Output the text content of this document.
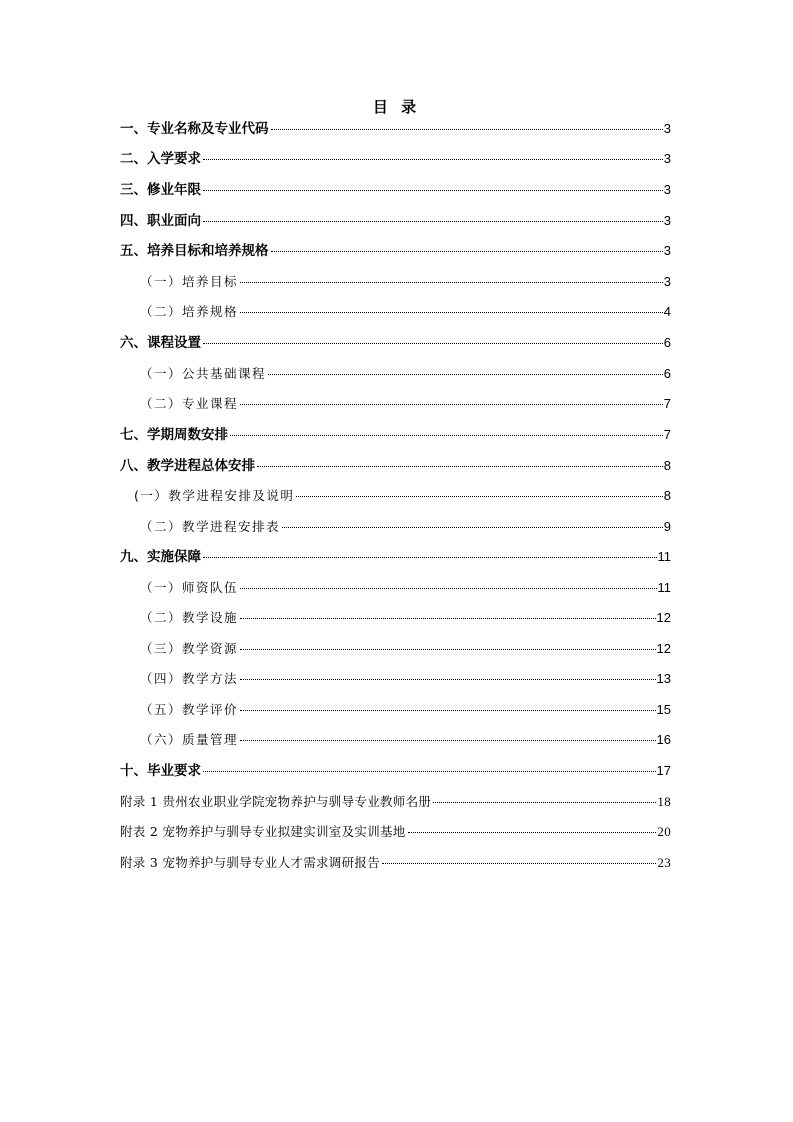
目 录
一、专业名称及专业代码	3
二、入学要求	3
三、修业年限	3
四、职业面向	3
五、培养目标和培养规格	3
（一）培养目标	3
（二）培养规格	4
六、课程设置	6
（一）公共基础课程	6
（二）专业课程	7
七、学期周数安排	7
八、教学进程总体安排	8
(一）教学进程安排及说明	8
（二）教学进程安排表	9
九、实施保障	11
（一）师资队伍	11
（二）教学设施	12
（三）教学资源	12
（四）教学方法	13
（五）教学评价	15
（六）质量管理	16
十、毕业要求	17
附录 1 贵州农业职业学院宠物养护与驯导专业教师名册	18
附表 2 宠物养护与驯导专业拟建实训室及实训基地	20
附录 3 宠物养护与驯导专业人才需求调研报告	23
